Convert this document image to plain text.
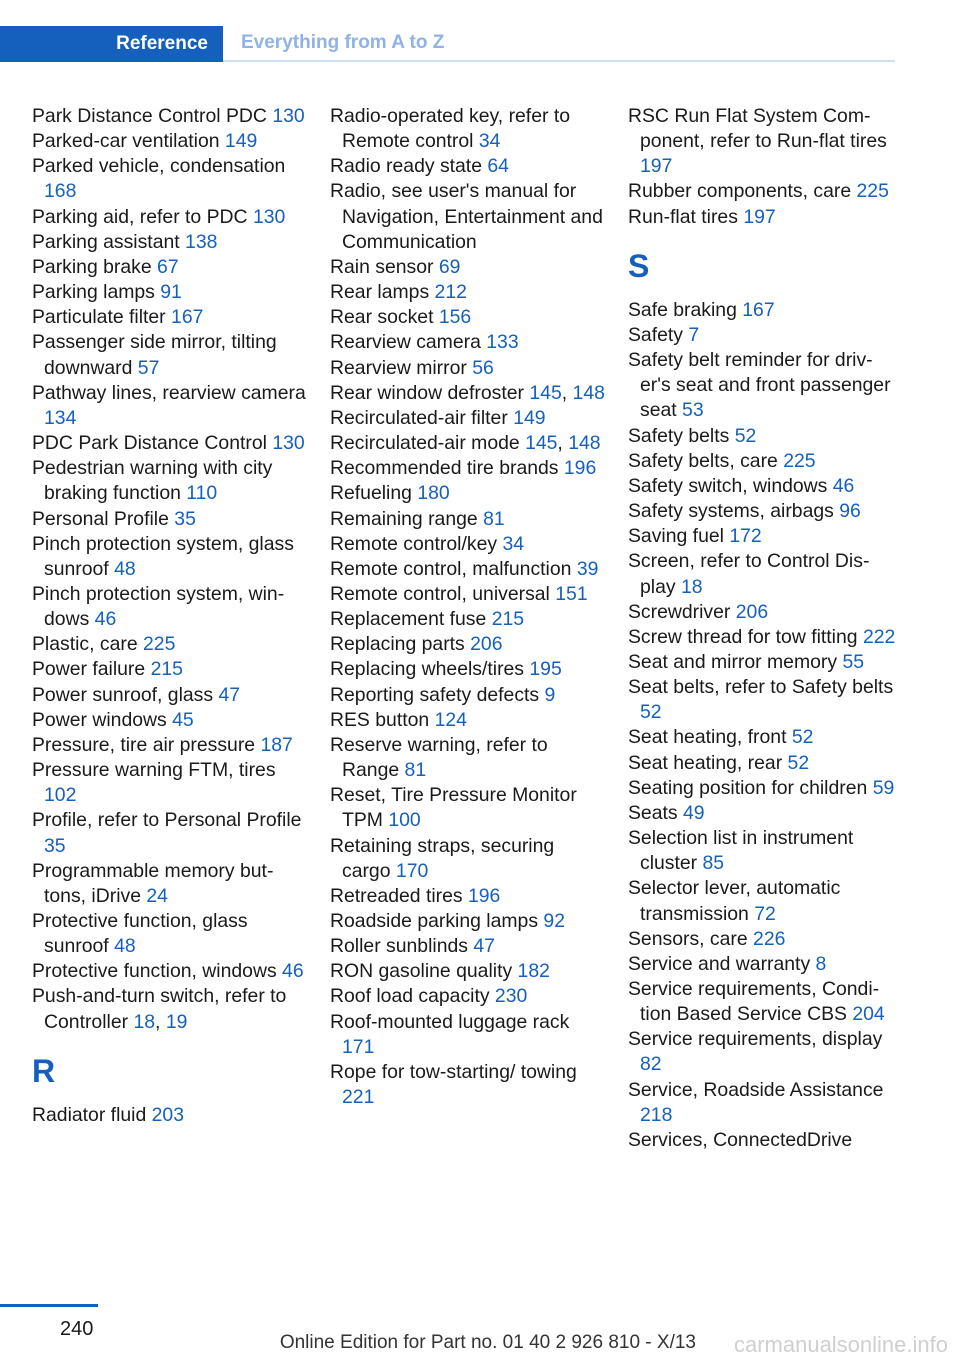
Reference Everything from A to Z
Park Distance Control PDC 130
Parked-car ventilation 149
Parked vehicle, condensation 168
Parking aid, refer to PDC 130
Parking assistant 138
Parking brake 67
Parking lamps 91
Particulate filter 167
Passenger side mirror, tilting downward 57
Pathway lines, rearview camera 134
PDC Park Distance Control 130
Pedestrian warning with city braking function 110
Personal Profile 35
Pinch protection system, glass sunroof 48
Pinch protection system, windows 46
Plastic, care 225
Power failure 215
Power sunroof, glass 47
Power windows 45
Pressure, tire air pressure 187
Pressure warning FTM, tires 102
Profile, refer to Personal Profile 35
Programmable memory buttons, iDrive 24
Protective function, glass sunroof 48
Protective function, windows 46
Push-and-turn switch, refer to Controller 18, 19
R
Radiator fluid 203
Radio-operated key, refer to Remote control 34
Radio ready state 64
Radio, see user's manual for Navigation, Entertainment and Communication
Rain sensor 69
Rear lamps 212
Rear socket 156
Rearview camera 133
Rearview mirror 56
Rear window defroster 145, 148
Recirculated-air filter 149
Recirculated-air mode 145, 148
Recommended tire brands 196
Refueling 180
Remaining range 81
Remote control/key 34
Remote control, malfunction 39
Remote control, universal 151
Replacement fuse 215
Replacing parts 206
Replacing wheels/tires 195
Reporting safety defects 9
RES button 124
Reserve warning, refer to Range 81
Reset, Tire Pressure Monitor TPM 100
Retaining straps, securing cargo 170
Retreaded tires 196
Roadside parking lamps 92
Roller sunblinds 47
RON gasoline quality 182
Roof load capacity 230
Roof-mounted luggage rack 171
Rope for tow-starting/ towing 221
RSC Run Flat System Component, refer to Run-flat tires 197
Rubber components, care 225
Run-flat tires 197
S
Safe braking 167
Safety 7
Safety belt reminder for driver's seat and front passenger seat 53
Safety belts 52
Safety belts, care 225
Safety switch, windows 46
Safety systems, airbags 96
Saving fuel 172
Screen, refer to Control Display 18
Screwdriver 206
Screw thread for tow fitting 222
Seat and mirror memory 55
Seat belts, refer to Safety belts 52
Seat heating, front 52
Seat heating, rear 52
Seating position for children 59
Seats 49
Selection list in instrument cluster 85
Selector lever, automatic transmission 72
Sensors, care 226
Service and warranty 8
Service requirements, Condition Based Service CBS 204
Service requirements, display 82
Service, Roadside Assistance 218
Services, ConnectedDrive
240
Online Edition for Part no. 01 40 2 926 810 - X/13 carmanualsonline.info
